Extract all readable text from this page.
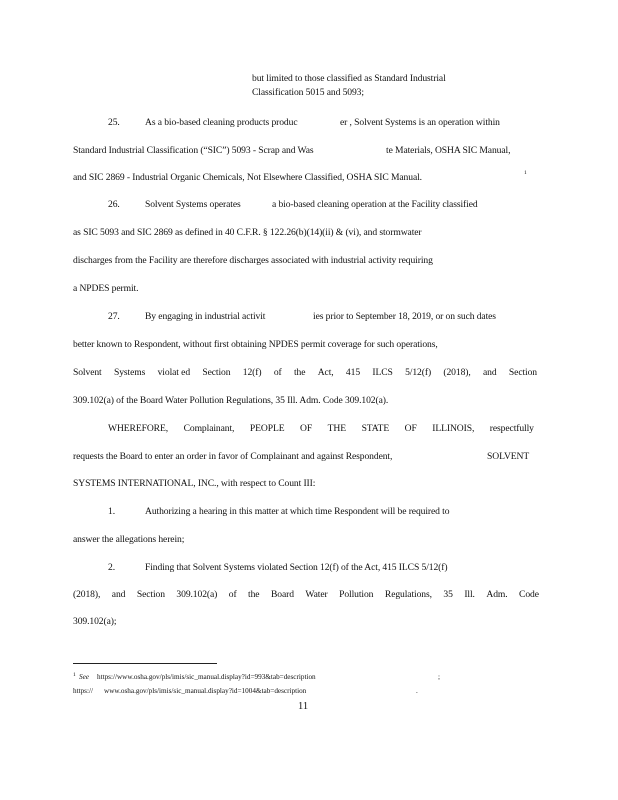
but limited to those classified as Standard Industrial
Classification 5015 and 5093;
25.	As a bio-based cleaning products produc	er , Solvent Systems is an operation within
Standard Industrial Classification (“SIC”) 5093 - Scrap and Was	te Materials, OSHA SIC Manual,
and SIC 2869 - Industrial Organic Chemicals, Not Elsewhere Classified, OSHA SIC Manual.	1
26.	Solvent Systems operates	a bio-based cleaning operation at the Facility classified
as SIC 5093 and SIC 2869 as defined in 40 C.F.R. § 122.26(b)(14)(ii) & (vi), and stormwater
discharges from the Facility are therefore discharges associated with industrial activity requiring
a NPDES permit.
27.	By engaging in industrial activit	ies prior to September 18, 2019, or on such dates
better known to Respondent, without first obtaining NPDES permit coverage for such operations,
Solvent Systems violat ed Section 12(f) of the Act, 415 ILCS 5/12(f) (2018), and Section
309.102(a) of the Board Water Pollution Regulations, 35 Ill. Adm. Code 309.102(a).
WHEREFORE, Complainant, PEOPLE OF THE STATE OF ILLINOIS, respectfully
requests the Board to enter an order in favor of Complainant and against Respondent,	SOLVENT
SYSTEMS INTERNATIONAL, INC., with respect to Count III:
1.	Authorizing a hearing in this matter at which time Respondent will be required to
answer the allegations herein;
2.	Finding that Solvent Systems violated Section 12(f) of the Act, 415 ILCS 5/12(f)
(2018), and Section 309.102(a) of the Board Water Pollution Regulations, 35 Ill. Adm. Code
309.102(a);
1 See https://www.osha.gov/pls/imis/sic_manual.display?id=993&tab=description	;
https:// www.osha.gov/pls/imis/sic_manual.display?id=1004&tab=description	.
11
